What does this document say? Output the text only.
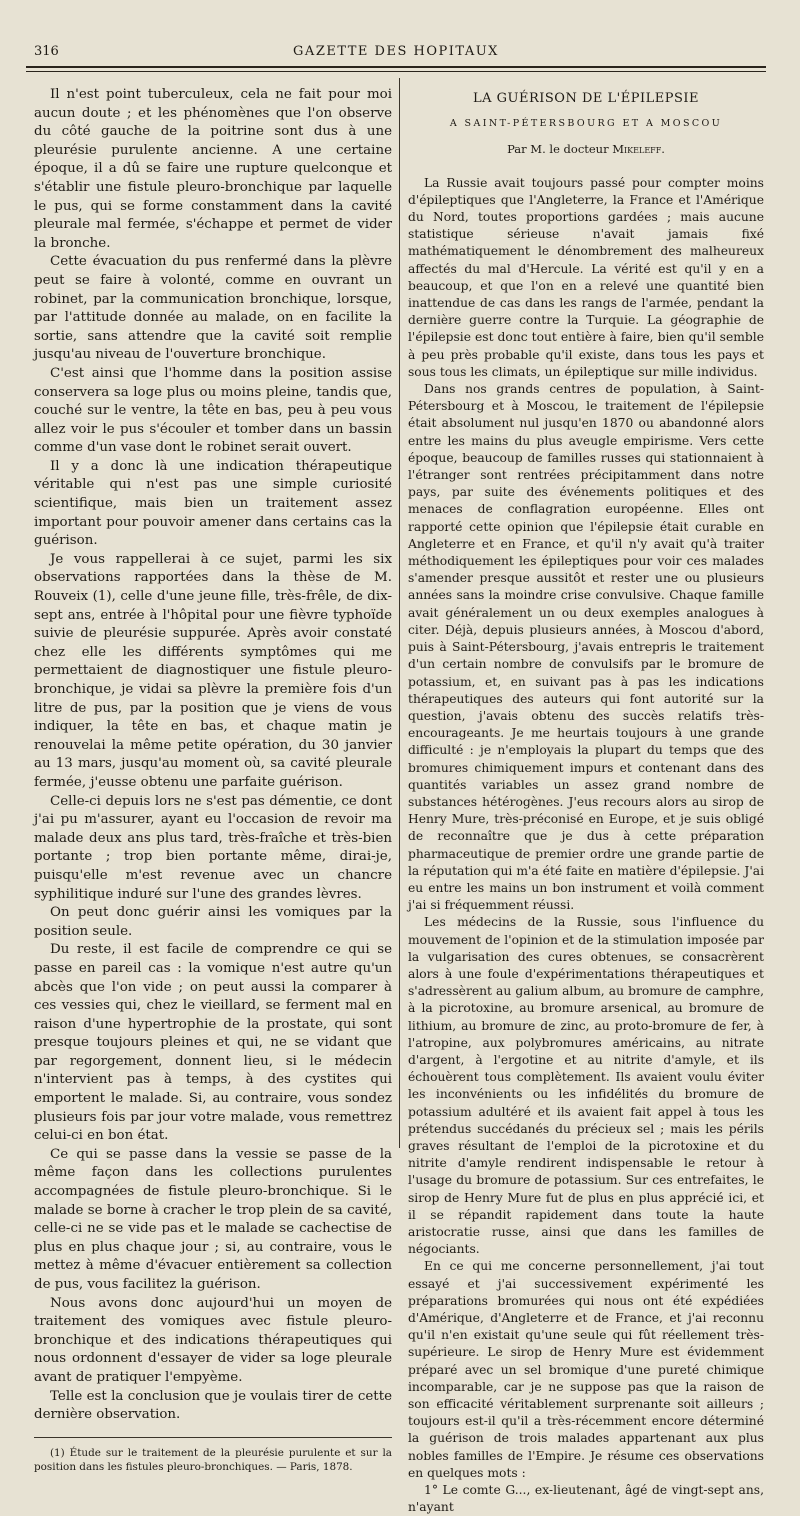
316	GAZETTE DES HOPITAUX

Il n'est point tuberculeux, cela ne fait pour moi aucun doute ; et les phénomènes que l'on observe du côté gauche de la poitrine sont dus à une pleurésie purulente ancienne. A une certaine époque, il a dû se faire une rupture quelconque et s'établir une fistule pleuro-bronchique par laquelle le pus, qui se forme constamment dans la cavité pleurale mal fermée, s'échappe et permet de vider la bronche.

Cette évacuation du pus renfermé dans la plèvre peut se faire à volonté, comme en ouvrant un robinet, par la communication bronchique, lorsque, par l'attitude donnée au malade, on en facilite la sortie, sans attendre que la cavité soit remplie jusqu'au niveau de l'ouverture bronchique.

C'est ainsi que l'homme dans la position assise conservera sa loge plus ou moins pleine, tandis que, couché sur le ventre, la tête en bas, peu à peu vous allez voir le pus s'écouler et tomber dans un bassin comme d'un vase dont le robinet serait ouvert.

Il y a donc là une indication thérapeutique véritable qui n'est pas une simple curiosité scientifique, mais bien un traitement assez important pour pouvoir amener dans certains cas la guérison.

Je vous rappellerai à ce sujet, parmi les six observations rapportées dans la thèse de M. Rouveix (1), celle d'une jeune fille, très-frêle, de dix-sept ans, entrée à l'hôpital pour une fièvre typhoïde suivie de pleurésie suppurée. Après avoir constaté chez elle les différents symptômes qui me permettaient de diagnostiquer une fistule pleuro-bronchique, je vidai sa plèvre la première fois d'un litre de pus, par la position que je viens de vous indiquer, la tête en bas, et chaque matin je renouvelai la même petite opération, du 30 janvier au 13 mars, jusqu'au moment où, sa cavité pleurale fermée, j'eusse obtenu une parfaite guérison.

Celle-ci depuis lors ne s'est pas démentie, ce dont j'ai pu m'assurer, ayant eu l'occasion de revoir ma malade deux ans plus tard, très-fraîche et très-bien portante ; trop bien portante même, dirai-je, puisqu'elle m'est revenue avec un chancre syphilitique induré sur l'une des grandes lèvres.

On peut donc guérir ainsi les vomiques par la position seule.

Du reste, il est facile de comprendre ce qui se passe en pareil cas : la vomique n'est autre qu'un abcès que l'on vide ; on peut aussi la comparer à ces vessies qui, chez le vieillard, se ferment mal en raison d'une hypertrophie de la prostate, qui sont presque toujours pleines et qui, ne se vidant que par regorgement, donnent lieu, si le médecin n'intervient pas à temps, à des cystites qui emportent le malade. Si, au contraire, vous sondez plusieurs fois par jour votre malade, vous remettrez celui-ci en bon état.

Ce qui se passe dans la vessie se passe de la même façon dans les collections purulentes accompagnées de fistule pleuro-bronchique. Si le malade se borne à cracher le trop plein de sa cavité, celle-ci ne se vide pas et le malade se cachectise de plus en plus chaque jour ; si, au contraire, vous le mettez à même d'évacuer entièrement sa collection de pus, vous facilitez la guérison.

Nous avons donc aujourd'hui un moyen de traitement des vomiques avec fistule pleuro-bronchique et des indications thérapeutiques qui nous ordonnent d'essayer de vider sa loge pleurale avant de pratiquer l'empyème.

Telle est la conclusion que je voulais tirer de cette dernière observation.

(1) Étude sur le traitement de la pleurésie purulente et sur la position dans les fistules pleuro-bronchiques. — Paris, 1878.
LA GUÉRISON DE L'ÉPILEPSIE
A SAINT-PÉTERSBOURG ET A MOSCOU
Par M. le docteur Mikeleff.

La Russie avait toujours passé pour compter moins d'épileptiques que l'Angleterre, la France et l'Amérique du Nord, toutes proportions gardées ; mais aucune statistique sérieuse n'avait jamais fixé mathématiquement le dénombrement des malheureux affectés du mal d'Hercule. La vérité est qu'il y en a beaucoup, et que l'on en a relevé une quantité bien inattendue de cas dans les rangs de l'armée, pendant la dernière guerre contre la Turquie. La géographie de l'épilepsie est donc tout entière à faire, bien qu'il semble à peu près probable qu'il existe, dans tous les pays et sous tous les climats, un épileptique sur mille individus.

Dans nos grands centres de population, à Saint-Pétersbourg et à Moscou, le traitement de l'épilepsie était absolument nul jusqu'en 1870 ou abandonné alors entre les mains du plus aveugle empirisme. Vers cette époque, beaucoup de familles russes qui stationnaient à l'étranger sont rentrées précipitamment dans notre pays, par suite des événements politiques et des menaces de conflagration européenne. Elles ont rapporté cette opinion que l'épilepsie était curable en Angleterre et en France, et qu'il n'y avait qu'à traiter méthodiquement les épileptiques pour voir ces malades s'amender presque aussitôt et rester une ou plusieurs années sans la moindre crise convulsive. Chaque famille avait généralement un ou deux exemples analogues à citer. Déjà, depuis plusieurs années, à Moscou d'abord, puis à Saint-Pétersbourg, j'avais entrepris le traitement d'un certain nombre de convulsifs par le bromure de potassium, et, en suivant pas à pas les indications thérapeutiques des auteurs qui font autorité sur la question, j'avais obtenu des succès relatifs très-encourageants. Je me heurtais toujours à une grande difficulté : je n'employais la plupart du temps que des bromures chimiquement impurs et contenant dans des quantités variables un assez grand nombre de substances hétérogènes. J'eus recours alors au sirop de Henry Mure, très-préconisé en Europe, et je suis obligé de reconnaître que je dus à cette préparation pharmaceutique de premier ordre une grande partie de la réputation qui m'a été faite en matière d'épilepsie. J'ai eu entre les mains un bon instrument et voilà comment j'ai si fréquemment réussi.

Les médecins de la Russie, sous l'influence du mouvement de l'opinion et de la stimulation imposée par la vulgarisation des cures obtenues, se consacrèrent alors à une foule d'expérimentations thérapeutiques et s'adressèrent au galium album, au bromure de camphre, à la picrotoxine, au bromure arsenical, au bromure de lithium, au bromure de zinc, au proto-bromure de fer, à l'atropine, aux polybromures américains, au nitrate d'argent, à l'ergotine et au nitrite d'amyle, et ils échouèrent tous complètement. Ils avaient voulu éviter les inconvénients ou les infidélités du bromure de potassium adultéré et ils avaient fait appel à tous les prétendus succédanés du précieux sel ; mais les périls graves résultant de l'emploi de la picrotoxine et du nitrite d'amyle rendirent indispensable le retour à l'usage du bromure de potassium. Sur ces entrefaites, le sirop de Henry Mure fut de plus en plus apprécié ici, et il se répandit rapidement dans toute la haute aristocratie russe, ainsi que dans les familles de négociants.

En ce qui me concerne personnellement, j'ai tout essayé et j'ai successivement expérimenté les préparations bromurées qui nous ont été expédiées d'Amérique, d'Angleterre et de France, et j'ai reconnu qu'il n'en existait qu'une seule qui fût réellement très-supérieure. Le sirop de Henry Mure est évidemment préparé avec un sel bromique d'une pureté chimique incomparable, car je ne suppose pas que la raison de son efficacité véritablement surprenante soit ailleurs ; toujours est-il qu'il a très-récemment encore déterminé la guérison de trois malades appartenant aux plus nobles familles de l'Empire. Je résume ces observations en quelques mots :

1° Le comte G..., ex-lieutenant, âgé de vingt-sept ans, n'ayant
